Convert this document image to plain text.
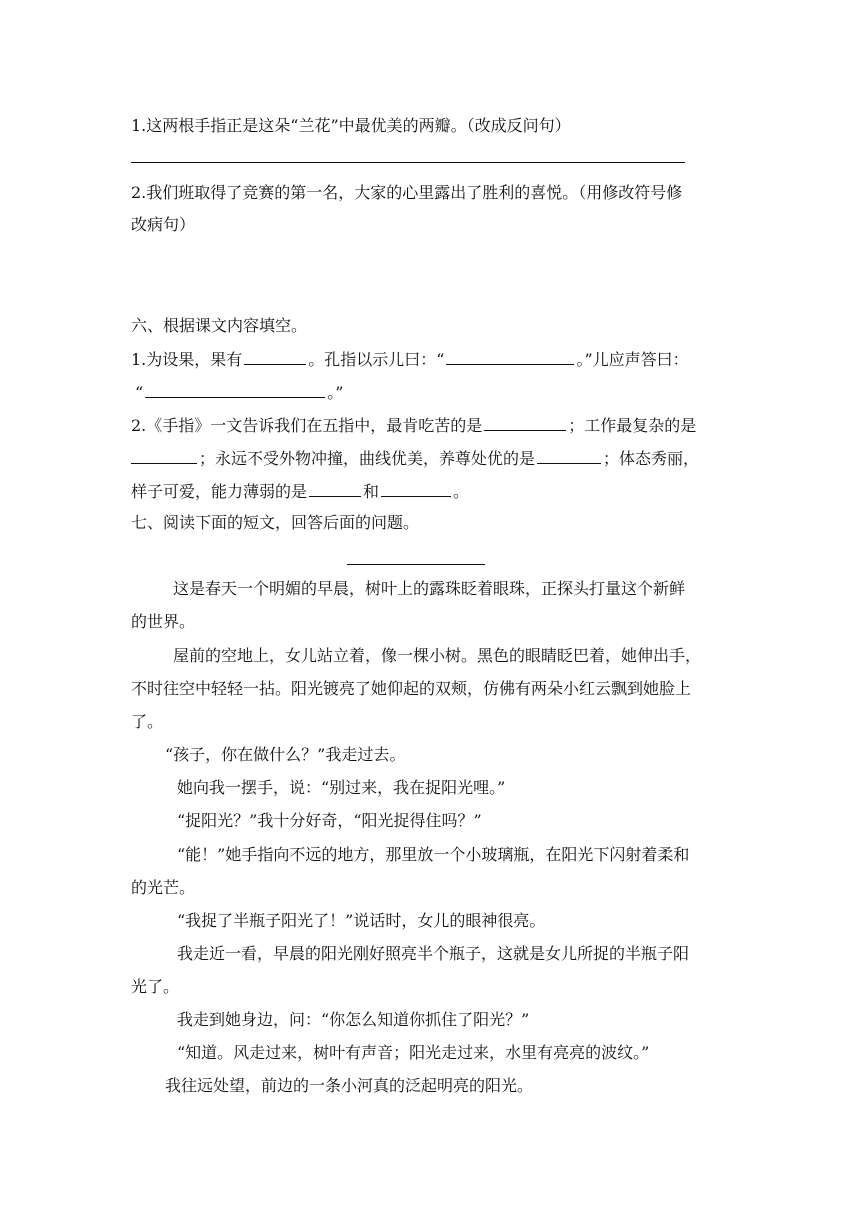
1.这两根手指正是这朵“兰花”中最优美的两瓣。（改成反问句）
2.我们班取得了竞赛的第一名，大家的心里露出了胜利的喜悦。（用修改符号修
改病句）
六、根据课文内容填空。
1.为设果，果有	。孔指以示儿曰：“	。”儿应声答曰：
“	。”
2.《手指》一文告诉我们在五指中，最肯吃苦的是	；工作最复杂的是
；永远不受外物冲撞，曲线优美，养尊处优的是	；体态秀丽，
样子可爱，能力薄弱的是	和	。
七、阅读下面的短文，回答后面的问题。
这是春天一个明媚的早晨，树叶上的露珠眨着眼珠，正探头打量这个新鲜
的世界。
屋前的空地上，女儿站立着，像一棵小树。黑色的眼睛眨巴着，她伸出手，
不时往空中轻轻一拈。阳光镀亮了她仰起的双颊，仿佛有两朵小红云飘到她脸上
了。
“孩子，你在做什么？”我走过去。
她向我一摆手，说：“别过来，我在捉阳光哩。”
“捉阳光？”我十分好奇，“阳光捉得住吗？”
“能！”她手指向不远的地方，那里放一个小玻璃瓶，在阳光下闪射着柔和
的光芒。
“我捉了半瓶子阳光了！”说话时，女儿的眼神很亮。
我走近一看，早晨的阳光刚好照亮半个瓶子，这就是女儿所捉的半瓶子阳
光了。
我走到她身边，问：“你怎么知道你抓住了阳光？”
“知道。风走过来，树叶有声音；阳光走过来，水里有亮亮的波纹。”
我往远处望，前边的一条小河真的泛起明亮的阳光。
